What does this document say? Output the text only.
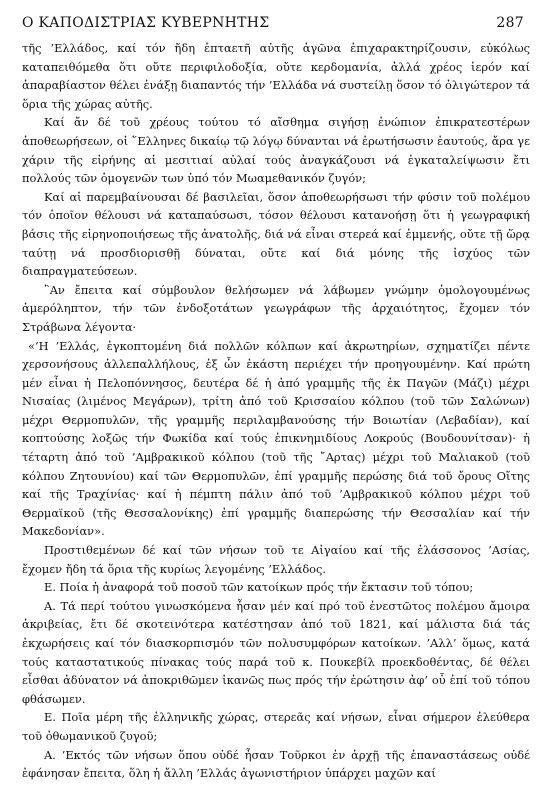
Ο ΚΑΠΟΔΙΣΤΡΙΑΣ ΚΥΒΕΡΝΗΤΗΣ	287

τῆς ’Ελλάδος, καί τόν ἤδη ἑπταετῆ αὐτῆς ἀγῶνα ἐπιχαρακτηρίζουσιν, εὐκόλως καταπειθόμεθα ὅτι οὔτε περιφιλοδοξία, οὔτε κερδομανία, ἀλλά χρέος ἱερόν καί ἀπαραβίαστον θέλει ἐνάξῃ διαπαντός τήν ’Ελλάδα νά συστείλῃ ὅσον τό ὀλιγώτερον τά ὅρια τῆς χώρας αὐτῆς.

Καί ἄν δέ τοῦ χρέους τούτου τό αἴσθημα σιγήσῃ ἐνώπιον ἐπικρατεστέρων ἀποθεωρήσεων, οἱ ῞Ελληνες δικαίῳ τῷ λόγῳ δύνανται νά ἐρωτήσωσιν ἑαυτούς, ἄρα γε χάριν τῆς εἰρήνης αἱ μεσιτιαί αὐλαί τούς ἀναγκάζουσι νά ἐγκαταλείψωσιν ἔτι πολλούς τῶν ὁμογενῶν των ὑπό τόν Μωαμεθανικόν ζυγόν;

Καί αἱ παρεμβαίνουσαι δέ βασιλεῖαι, ὅσον ἀποθεωρήσωσι τήν φύσιν τοῦ πολέμου τόν ὁποῖον θέλουσι νά καταπαύσωσι, τόσον θέλουσι κατανοήσῃ ὅτι ἡ γεωγραφική βάσις τῆς εἰρηνοποιήσεως τῆς ἀνατολῆς, διά νά εἶναι στερεά καί ἐμμενής, οὔτε τῇ ὥρᾳ ταύτῃ νά προσδιορισθῇ δύναται, οὔτε καί διά μόνης τῆς ἰσχύος τῶν διαπραγματεύσεων.

῍Αν ἔπειτα καί σύμβουλον θελήσωμεν νά λάβωμεν γνώμην ὁμολογουμένως ἀμερόληπτον, τήν τῶν ἐνδοξοτάτων γεωγράφων τῆς ἀρχαιότητος, ἔχομεν τόν Στράβωνα λέγοντα·

«’Η ’Ελλάς, ἐγκοπτομένη διά πολλῶν κόλπων καί ἀκρωτηρίων, σχηματίζει πέντε χερσονήσους ἀλλεπαλλήλους, ἐξ ὧν ἑκάστη περιέχει τήν προηγουμένην. Καί πρώτη μέν εἶναι ἡ Πελοπόννησος, δευτέρα δέ ἡ ἀπό γραμμῆς τῆς ἐκ Παγῶν (Μάζι) μέχρι Νισαίας (λιμένος Μεγάρων), τρίτη ἀπό τοῦ Κρισσαίου κόλπου (τοῦ τῶν Σαλώνων) μέχρι Θερμοπυλῶν, τῆς γραμμῆς περιλαμβανούσης τήν Βοιωτίαν (Λεβαδίαν), καί κοπτούσης λοξῶς τήν Φωκίδα καί τούς ἐπικνημιδίους Λοκρούς (Βουδουνίτσαν)· ἡ τέταρτη ἀπό τοῦ ’Αμβρακικοῦ κόλπου (τοῦ τῆς ῎Αρτας) μέχρι τοῦ Μαλιακοῦ (τοῦ κόλπου Ζητουνίου) καί τῶν Θερμοπυλῶν, ἐπί γραμμῆς περώσης διά τοῦ ὄρους Οἴτης καί τῆς Τραχίνίας· καί ἡ πέμπτη πάλιν ἀπό τοῦ ’Αμβρακικοῦ κόλπου μέχρι τοῦ Θερμαϊκοῦ (τῆς Θεσσαλονίκης) ἐπί γραμμῆς διαπερώσης τήν Θεσσαλίαν καί τήν Μακεδονίαν».

Προστιθεμένων δέ καί τῶν νήσων τοῦ τε Αἰγαίου καί τῆς ἐλάσσονος ’Ασίας, ἔχομεν ἤδη τά ὅρια τῆς κυρίως λεγομένης ’Ελλάδος.

Ε. Ποία ἡ ἀναφορά τοῦ ποσοῦ τῶν κατοίκων πρός τήν ἔκτασιν τοῦ τόπου;

Α. Τά περί τούτου γινωσκόμενα ἦσαν μέν καί πρό τοῦ ἐνεστῶτος πολέμου ἄμοιρα ἀκριβείας, ἔτι δέ σκοτεινότερα κατέστησαν ἀπό τοῦ 1821, καί μάλιστα διά τάς ἐκχωρήσεις καί τόν διασκορπισμόν τῶν πολυσυμφόρων κατοίκων. ’Αλλ’ ὅμως, κατά τούς καταστατικούς πίνακας τούς παρά τοῦ κ. Πουκεβίλ προεκδοθέντας, δέ θέλει εἶσθαι ἀδύνατον νά ἀποκριθῶμεν ἱκανῶς πως πρός τήν ἐρώτησιν ἀφ’ οὗ ἐπί τοῦ τόπου φθάσωμεν.

Ε. Ποῖα μέρη τῆς ἑλληνικῆς χώρας, στερεᾶς καί νήσων, εἶναι σήμερον ἐλεύθερα τοῦ ὀθωμανικοῦ ζυγοῦ;

Α. ’Εκτός τῶν νήσων ὅπου οὐδέ ἦσαν Τοῦρκοι ἐν ἀρχῇ τῆς ἐπαναστάσεως οὐδέ ἐφάνησαν ἔπειτα, ὅλη ἡ ἄλλη ’Ελλάς ἀγωνιστήριον ὑπάρχει μαχῶν καί
